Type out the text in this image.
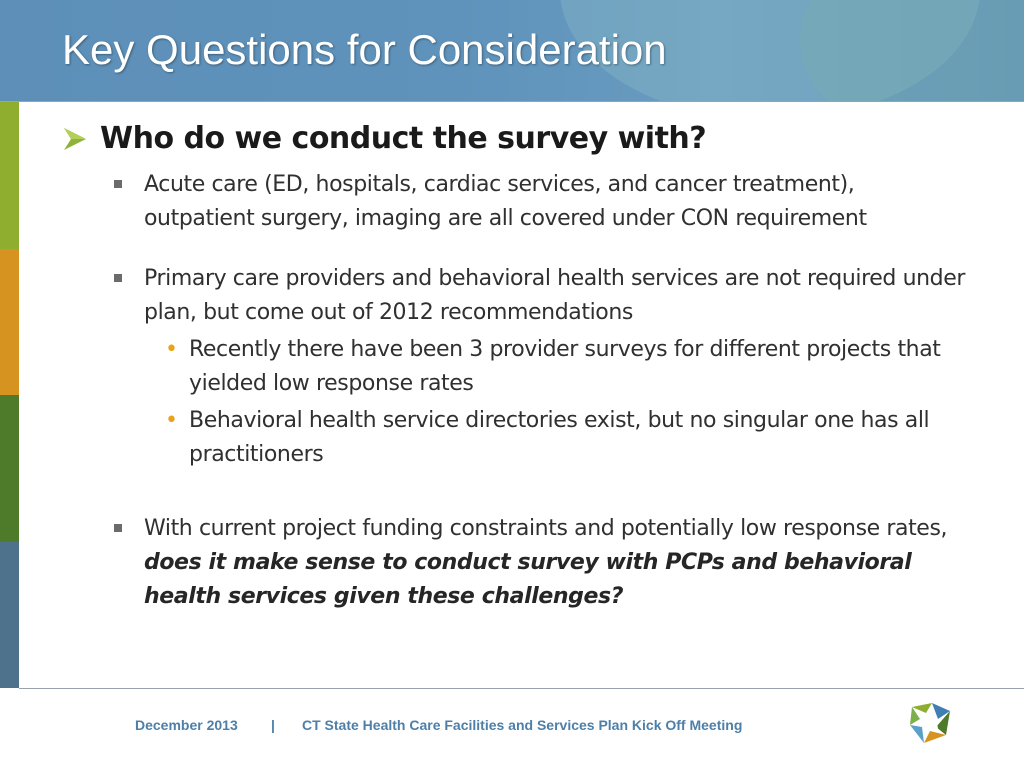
Key Questions for Consideration
Who do we conduct the survey with?
Acute care (ED, hospitals, cardiac services, and cancer treatment), outpatient surgery, imaging are all covered under CON requirement
Primary care providers and behavioral health services are not required under plan, but come out of 2012 recommendations
• Recently there have been 3 provider surveys for different projects that yielded low response rates
• Behavioral health service directories exist, but no singular one has all practitioners
With current project funding constraints and potentially low response rates, does it make sense to conduct survey with PCPs and behavioral health services given these challenges?
December 2013 | CT State Health Care Facilities and Services Plan Kick Off Meeting
